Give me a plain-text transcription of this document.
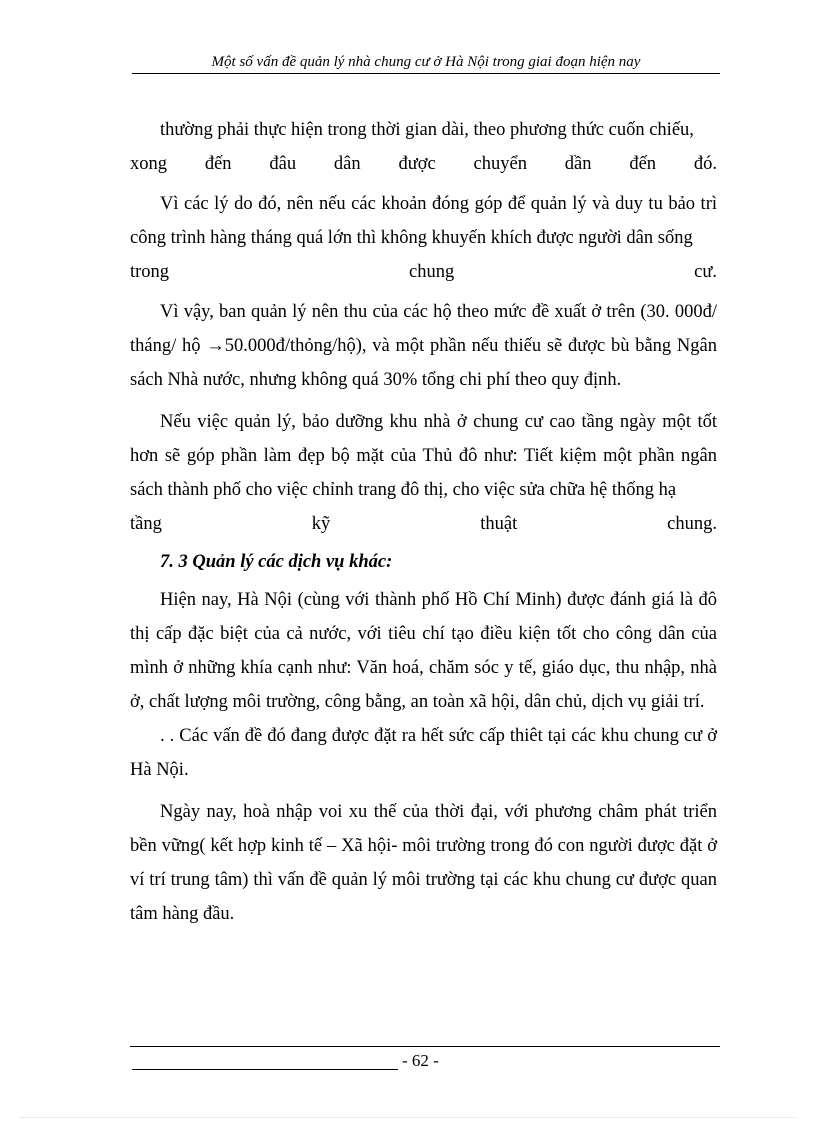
Một số vấn đề quản lý nhà chung cư ở Hà Nội trong giai đoạn hiện nay

thường phải thực hiện trong thời gian dài, theo phương thức cuốn chiếu,

xong đến đâu dân được chuyển dần đến đó.

Vì các lý do đó, nên nếu các khoản đóng góp để quản lý và duy tu bảo trì công trình hàng tháng quá lớn thì không khuyến khích được người dân sống

trong chung cư.

Vì vậy, ban quản lý nên thu của các hộ theo mức đề xuất ở trên (30. 000đ/ tháng/ hộ →50.000đ/thỏng/hộ), và một phần nếu thiếu sẽ được bù bằng Ngân sách Nhà nước, nhưng không quá 30% tổng chi phí theo quy định.

Nếu việc quản lý, bảo dưỡng khu nhà ở chung cư cao tầng ngày một tốt hơn sẽ góp phần làm đẹp bộ mặt của Thủ đô như: Tiết kiệm một phần ngân sách thành phố cho việc chỉnh trang đô thị, cho việc sửa chữa hệ thống hạ

tầng kỹ thuật chung.

7. 3 Quản lý các dịch vụ khác:

Hiện nay, Hà Nội (cùng với thành phố Hồ Chí Minh) được đánh giá là đô thị cấp đặc biệt của cả nước, với tiêu chí tạo điều kiện tốt cho công dân của mình ở những khía cạnh như: Văn hoá, chăm sóc y tế, giáo dục, thu nhập, nhà ở, chất lượng môi trường, công bằng, an toàn xã hội, dân chủ, dịch vụ giải trí.

. . Các vấn đề đó đang được đặt ra hết sức cấp thiêt tại các khu chung cư ở Hà Nội.

Ngày nay, hoà nhập voi xu thế của thời đại, với phương châm phát triển bền vững( kết hợp kinh tế – Xã hội- môi trường trong đó con người được đặt ở ví trí trung tâm) thì vấn đề quản lý môi trường tại các khu chung cư được quan tâm hàng đầu.

- 62 -
